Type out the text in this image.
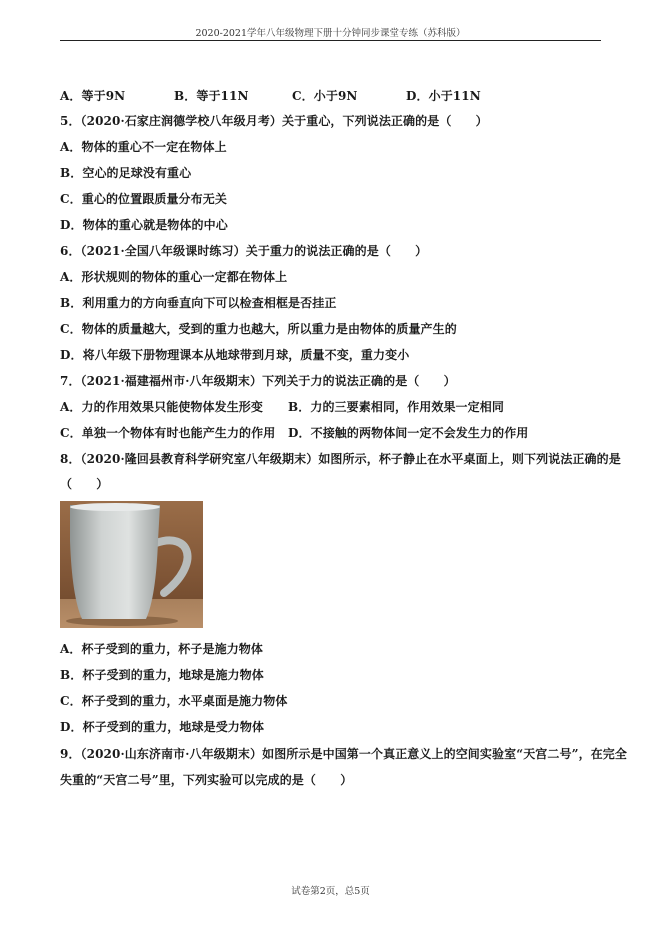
2020-2021学年八年级物理下册十分钟同步课堂专练（苏科版）
A．等于9N	B．等于11N	C．小于9N	D．小于11N
5．（2020·石家庄润德学校八年级月考）关于重心，下列说法正确的是（　　）
A．物体的重心不一定在物体上
B．空心的足球没有重心
C．重心的位置跟质量分布无关
D．物体的重心就是物体的中心
6．（2021·全国八年级课时练习）关于重力的说法正确的是（　　）
A．形状规则的物体的重心一定都在物体上
B．利用重力的方向垂直向下可以检查相框是否挂正
C．物体的质量越大，受到的重力也越大，所以重力是由物体的质量产生的
D．将八年级下册物理课本从地球带到月球，质量不变，重力变小
7．（2021·福建福州市·八年级期末）下列关于力的说法正确的是（　　）
A．力的作用效果只能使物体发生形变 B．力的三要素相同，作用效果一定相同
C．单独一个物体有时也能产生力的作用 D．不接触的两物体间一定不会发生力的作用
8．（2020·隆回县教育科学研究室八年级期末）如图所示，杯子静止在水平桌面上，则下列说法正确的是
（　　）
A．杯子受到的重力，杯子是施力物体
B．杯子受到的重力，地球是施力物体
C．杯子受到的重力，水平桌面是施力物体
D．杯子受到的重力，地球是受力物体
9．（2020·山东济南市·八年级期末）如图所示是中国第一个真正意义上的空间实验室“天宫二号”，在完全
失重的“天宫二号”里，下列实验可以完成的是（　　）
试卷第2页，总5页
